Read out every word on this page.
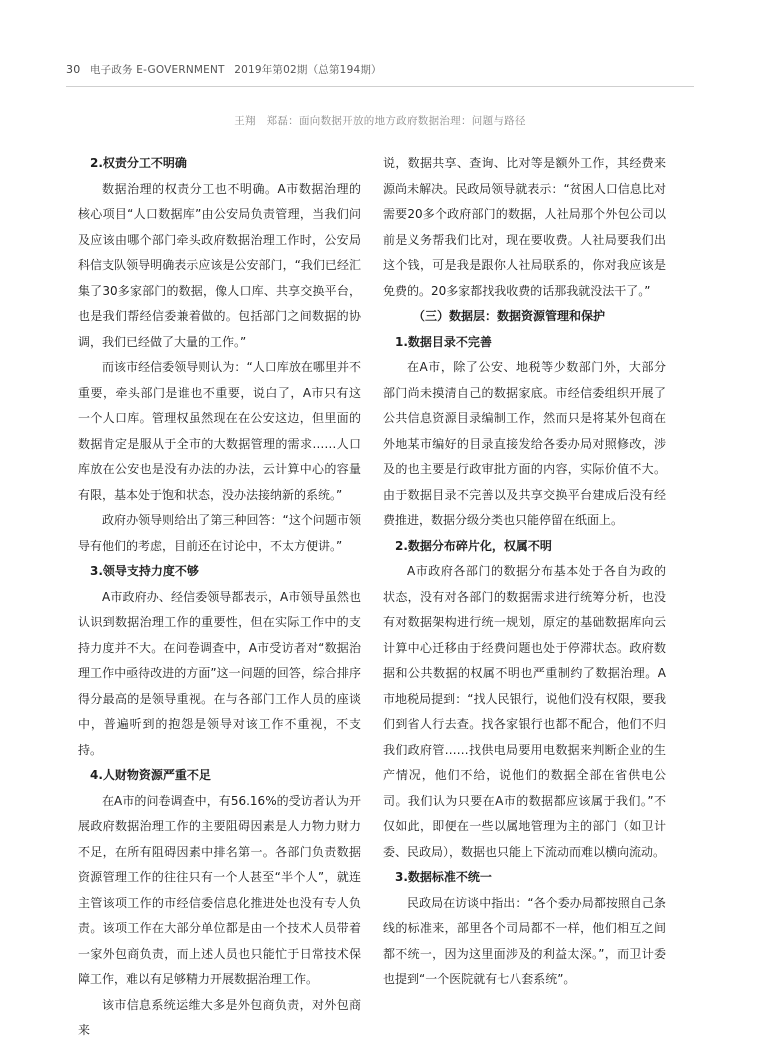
30 电子政务 E-GOVERNMENT 2019年第02期（总第194期）
王翔　郑磊：面向数据开放的地方政府数据治理：问题与路径
2.权责分工不明确

数据治理的权责分工也不明确。A市数据治理的核心项目“人口数据库”由公安局负责管理，当我们问及应该由哪个部门牵头政府数据治理工作时，公安局科信支队领导明确表示应该是公安部门，“我们已经汇集了30多家部门的数据，像人口库、共享交换平台，也是我们帮经信委兼着做的。包括部门之间数据的协调，我们已经做了大量的工作。”

而该市经信委领导则认为：“人口库放在哪里并不重要，牵头部门是谁也不重要，说白了，A市只有这一个人口库。管理权虽然现在在公安这边，但里面的数据肯定是服从于全市的大数据管理的需求……人口库放在公安也是没有办法的办法，云计算中心的容量有限，基本处于饱和状态，没办法接纳新的系统。”

政府办领导则给出了第三种回答：“这个问题市领导有他们的考虑，目前还在讨论中，不太方便讲。”

3.领导支持力度不够

A市政府办、经信委领导都表示，A市领导虽然也认识到数据治理工作的重要性，但在实际工作中的支持力度并不大。在问卷调查中，A市受访者对“数据治理工作中亟待改进的方面”这一问题的回答，综合排序得分最高的是领导重视。在与各部门工作人员的座谈中，普遍听到的抱怨是领导对该工作不重视，不支持。

4.人财物资源严重不足

在A市的问卷调查中，有56.16%的受访者认为开展政府数据治理工作的主要阻碍因素是人力物力财力不足，在所有阻碍因素中排名第一。各部门负责数据资源管理工作的往往只有一个人甚至“半个人”，就连主管该项工作的市经信委信息化推进处也没有专人负责。该项工作在大部分单位都是由一个技术人员带着一家外包商负责，而上述人员也只能忙于日常技术保障工作，难以有足够精力开展数据治理工作。

该市信息系统运维大多是外包商负责，对外包商来

说，数据共享、查询、比对等是额外工作，其经费来源尚未解决。民政局领导就表示：“贫困人口信息比对需要20多个政府部门的数据，人社局那个外包公司以前是义务帮我们比对，现在要收费。人社局要我们出这个钱，可是我是跟你人社局联系的，你对我应该是免费的。20多家都找我收费的话那我就没法干了。”

（三）数据层：数据资源管理和保护
1.数据目录不完善

在A市，除了公安、地税等少数部门外，大部分部门尚未摸清自己的数据家底。市经信委组织开展了公共信息资源目录编制工作，然而只是将某外包商在外地某市编好的目录直接发给各委办局对照修改，涉及的也主要是行政审批方面的内容，实际价值不大。由于数据目录不完善以及共享交换平台建成后没有经费推进，数据分级分类也只能停留在纸面上。

2.数据分布碎片化，权属不明

A市政府各部门的数据分布基本处于各自为政的状态，没有对各部门的数据需求进行统筹分析，也没有对数据架构进行统一规划，原定的基础数据库向云计算中心迁移由于经费问题也处于停滞状态。政府数据和公共数据的权属不明也严重制约了数据治理。A市地税局提到：“找人民银行，说他们没有权限，要我们到省人行去查。找各家银行也都不配合，他们不归我们政府管……找供电局要用电数据来判断企业的生产情况，他们不给，说他们的数据全部在省供电公司。我们认为只要在A市的数据都应该属于我们。”不仅如此，即便在一些以属地管理为主的部门（如卫计委、民政局），数据也只能上下流动而难以横向流动。

3.数据标准不统一

民政局在访谈中指出：“各个委办局都按照自己条线的标准来，部里各个司局都不一样，他们相互之间都不统一，因为这里面涉及的利益太深。”，而卫计委也提到“一个医院就有七八套系统”。
